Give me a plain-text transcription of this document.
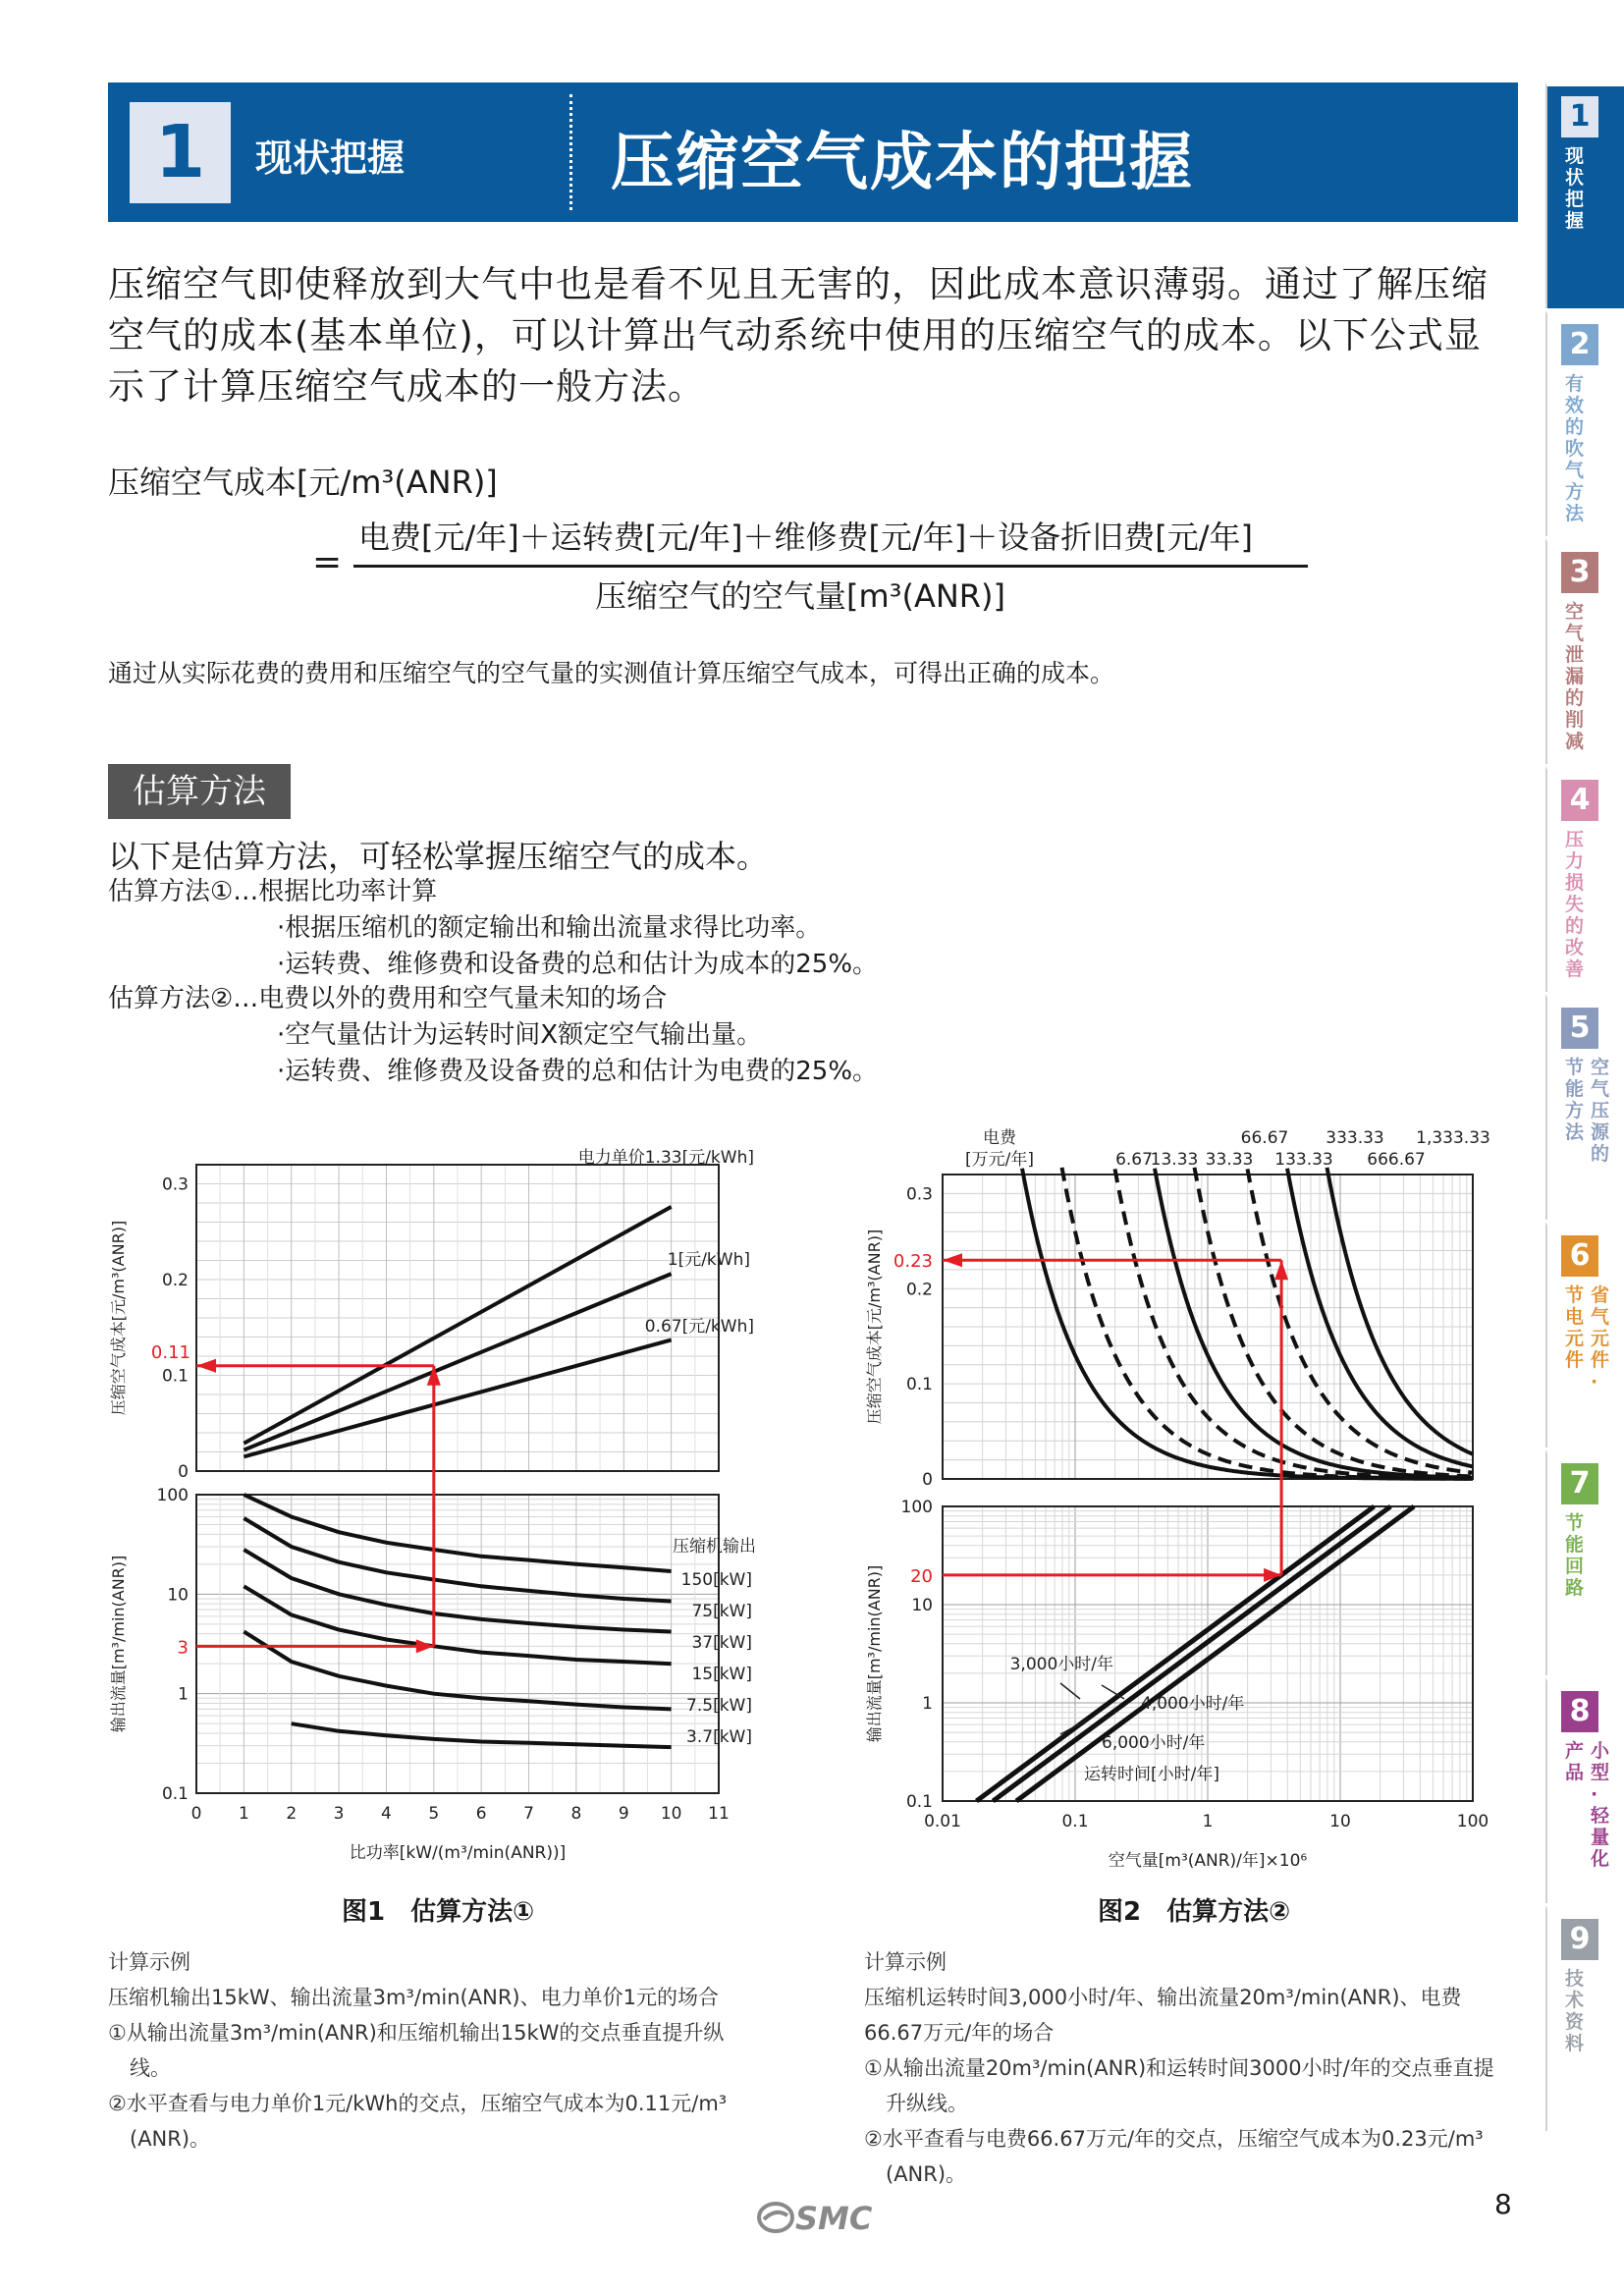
1	现状把握	压缩空气成本的把握
1
现状把握
2
有效的吹气方法
3
空气泄漏的削减
4
压力损失的改善
5
节能方法
空气压源的
6
节电元件
省气元件·
7
节能回路
8
产品
小型·轻量化
9
技术资料
压缩空气即使释放到大气中也是看不见且无害的，因此成本意识薄弱。通过了解压缩空气的成本(基本单位)，可以计算出气动系统中使用的压缩空气的成本。以下公式显示了计算压缩空气成本的一般方法。
压缩空气成本[元/m³(ANR)]
=
电费[元/年]＋运转费[元/年]＋维修费[元/年]＋设备折旧费[元/年]
压缩空气的空气量[m³(ANR)]
通过从实际花费的费用和压缩空气的空气量的实测值计算压缩空气成本，可得出正确的成本。
估算方法
以下是估算方法，可轻松掌握压缩空气的成本。
估算方法①…根据比功率计算
·根据压缩机的额定输出和输出流量求得比功率。
·运转费、维修费和设备费的总和估计为成本的25%。
估算方法②…电费以外的费用和空气量未知的场合
·空气量估计为运转时间X额定空气输出量。
·运转费、维修费及设备费的总和估计为电费的25%。
0
0.1
0.2
0.3
0.1
1
10
100
0 1 2 3 4 5 6 7 8 9 10 11
比功率[kW/(m³/min(ANR))]
压缩空气成本[元/m³(ANR)]
输出流量[m³/min(ANR)]
电力单价1.33[元/kWh]
1[元/kWh]
0.67[元/kWh]
压缩机输出
150[kW]
75[kW]
37[kW]
15[kW]
7.5[kW]
3.7[kW]
0.11
3
图1　估算方法①
0
0.1
0.2
0.3
0.1
1
10
100
0.01	0.1	1	10	100
空气量[m³(ANR)/年]×10⁶
压缩空气成本[元/m³(ANR)]
输出流量[m³/min(ANR)]
电费
[万元/年]	6.67
13.33 33.33
66.67
133.33
333.33
666.67
1,333.33
3,000小时/年
4,000小时/年
6,000小时/年
运转时间[小时/年]
0.23
20
图2　估算方法②
计算示例
压缩机输出15kW、输出流量3m³/min(ANR)、电力单价1元的场合
①从输出流量3m³/min(ANR)和压缩机输出15kW的交点垂直提升纵
线。
②水平查看与电力单价1元/kWh的交点，压缩空气成本为0.11元/m³
(ANR)。
计算示例
压缩机运转时间3,000小时/年、输出流量20m³/min(ANR)、电费
66.67万元/年的场合
①从输出流量20m³/min(ANR)和运转时间3000小时/年的交点垂直提
升纵线。
②水平查看与电费66.67万元/年的交点，压缩空气成本为0.23元/m³
(ANR)。
SMC	8
